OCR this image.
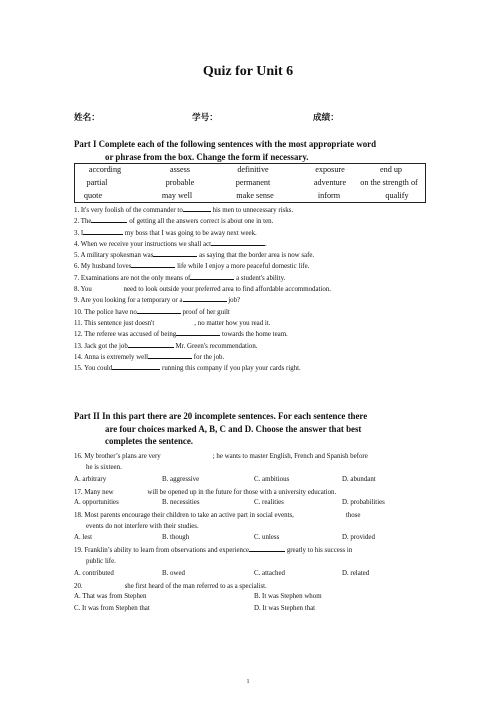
Quiz for Unit 6
姓名：	学号：	成绩：
Part I Complete each of the following sentences with the most appropriate word
or phrase from the box. Change the form if necessary.
according	assess	definitive	exposure	end up
partial	probable	permanent	adventure	on the strength of
quote	may well	make sense	inform	qualify
1. It's very foolish of the commander to	his men to unnecessary risks.
2. The	of getting all the answers correct is about one in ten.
3. I	my boss that I was going to be away next week.
4. When we receive your instructions we shall act	.
5. A military spokesman was	as saying that the border area is now safe.
6. My husband loves	life while I enjoy a more peaceful domestic life.
7. Examinations are not the only means of	a student's ability.
8. You	need to look outside your preferred area to find affordable accommodation.
9. Are you looking for a temporary or a	job?
10. The police have no	proof of her guilt
11. This sentence just doesn't	, no matter how you read it.
12. The referee was accused of being	towards the home team.
13. Jack got the job	Mr. Green's recommendation.
14. Anna is extremely well	for the job.
15. You could	running this company if you play your cards right.
Part II In this part there are 20 incomplete sentences. For each sentence there
are four choices marked A, B, C and D. Choose the answer that best
completes the sentence.
16. My brother’s plans are very	; he wants to master English, French and Spanish before
he is sixteen.
A. arbitrary	B. aggressive	C. ambitious	D. abundant
17. Many new	will be opened up in the future for those with a university education.
A. opportunities	B. necessities	C. realities	D. probabilities
18. Most parents encourage their children to take an active part in social events,	those
events do not interfere with their studies.
A. lest	B. though	C. unless	D. provided
19. Franklin’s ability to learn from observations and experience	greatly to his success in
public life.
A. contributed	B. owed	C. attached	D. related
20.	she first heard of the man referred to as a specialist.
A. That was from Stephen	B. It was Stephen whom
C. It was from Stephen that	D. It was Stephen that
1
